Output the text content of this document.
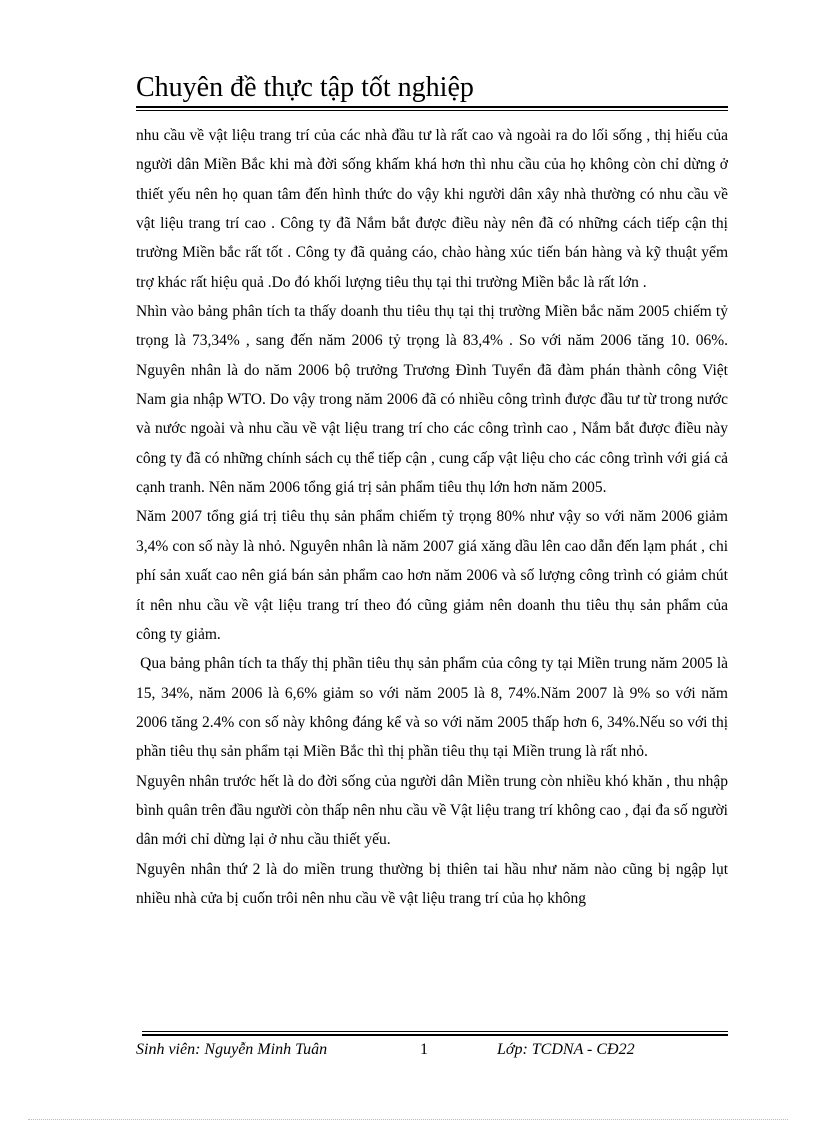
Chuyên đề thực tập tốt nghiệp

nhu cầu về vật liệu trang trí của các nhà đầu tư là rất cao và ngoài ra do lối sống , thị hiếu của người dân Miền Bắc khi mà đời sống khấm khá hơn thì nhu cầu của họ không còn chỉ dừng ở thiết yếu nên họ quan tâm đến hình thức do vậy khi người dân xây nhà thường có nhu cầu về vật liệu trang trí cao . Công ty đã Nắm bắt được điều này nên đã có những cách tiếp cận thị trường Miền bắc rất tốt . Công ty đã quảng cáo, chào hàng xúc tiến bán hàng và kỹ thuật yểm trợ khác rất hiệu quả .Do đó khối lượng tiêu thụ tại thi trường Miền bắc là rất lớn .

Nhìn vào bảng phân tích ta thấy doanh thu tiêu thụ tại thị trường Miền bắc năm 2005 chiếm tỷ trọng là 73,34% , sang đến năm 2006 tỷ trọng là 83,4% . So với năm 2006 tăng 10. 06%. Nguyên nhân là do năm 2006 bộ trưởng Trương Đình Tuyển đã đàm phán thành công Việt Nam gia nhập WTO. Do vậy trong năm 2006 đã có nhiều công trình được đầu tư từ trong nước và nước ngoài và nhu cầu về vật liệu trang trí cho các công trình cao , Nắm bắt được điều này công ty đã có những chính sách cụ thể tiếp cận , cung cấp vật liệu cho các công trình với giá cả cạnh tranh. Nên năm 2006 tổng giá trị sản phẩm tiêu thụ lớn hơn năm 2005.

Năm 2007 tổng giá trị tiêu thụ sản phẩm chiếm tỷ trọng 80% như vậy so với năm 2006 giảm 3,4% con số này là nhỏ. Nguyên nhân là năm 2007 giá xăng dầu lên cao dẫn đến lạm phát , chi phí sản xuất cao nên giá bán sản phẩm cao hơn năm 2006 và số lượng công trình có giảm chút ít nên nhu cầu về vật liệu trang trí theo đó cũng giảm nên doanh thu tiêu thụ sản phẩm của công ty giảm.

Qua bảng phân tích ta thấy thị phần tiêu thụ sản phẩm của công ty tại Miền trung năm 2005 là 15, 34%, năm 2006 là 6,6% giảm so với năm 2005 là 8, 74%.Năm 2007 là 9% so với năm 2006 tăng 2.4% con số này không đáng kể và so với năm 2005 thấp hơn 6, 34%.Nếu so với thị phần tiêu thụ sản phẩm tại Miền Bắc thì thị phần tiêu thụ tại Miền trung là rất nhỏ.

Nguyên nhân trước hết là do đời sống của người dân Miền trung còn nhiều khó khăn , thu nhập bình quân trên đầu người còn thấp nên nhu cầu về Vật liệu trang trí không cao , đại đa số người dân mới chỉ dừng lại ở nhu cầu thiết yếu.

Nguyên nhân thứ 2 là do miền trung thường bị thiên tai hầu như năm nào cũng bị ngập lụt nhiều nhà cửa bị cuốn trôi nên nhu cầu về vật liệu trang trí của họ không

Sinh viên: Nguyễn Minh Tuân	1	Lớp: TCDNA - CĐ22
